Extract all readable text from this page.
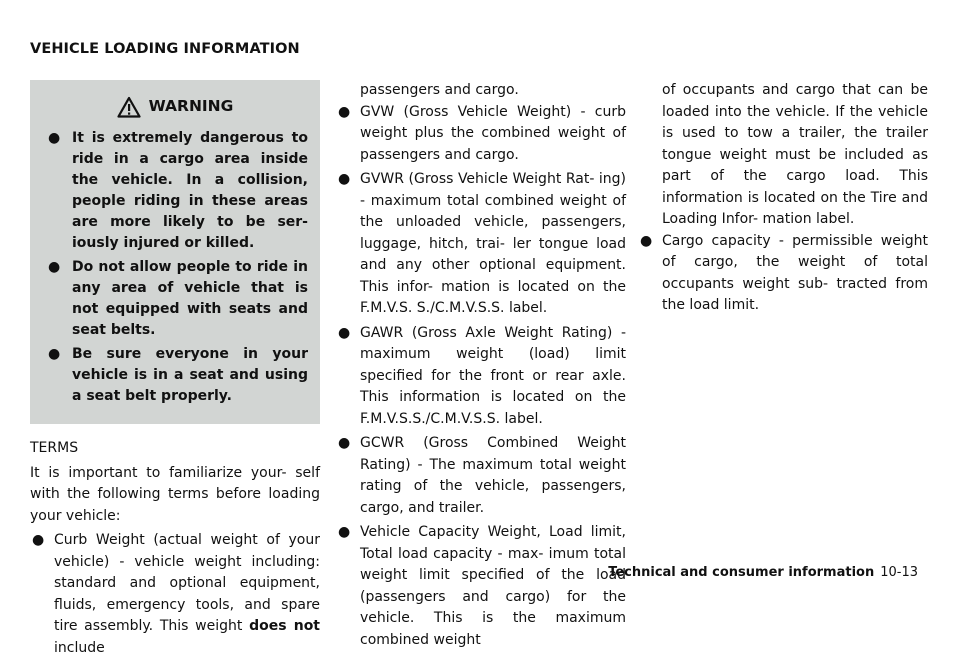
VEHICLE LOADING INFORMATION
WARNING
● It is extremely dangerous to ride in a cargo area inside the vehicle. In a collision, people riding in these areas are more likely to be ser- iously injured or killed.
● Do not allow people to ride in any area of vehicle that is not equipped with seats and seat belts.
● Be sure everyone in your vehicle is in a seat and using a seat belt properly.
TERMS
It is important to familiarize your- self with the following terms before loading your vehicle:
● Curb Weight (actual weight of your vehicle) - vehicle weight including: standard and optional equipment, fluids, emergency tools, and spare tire assembly. This weight does not include
passengers and cargo.
● GVW (Gross Vehicle Weight) - curb weight plus the combined weight of passengers and cargo.
● GVWR (Gross Vehicle Weight Rat- ing) - maximum total combined weight of the unloaded vehicle, passengers, luggage, hitch, trai- ler tongue load and any other optional equipment. This infor- mation is located on the F.M.V.S. S./C.M.V.S.S. label.
● GAWR (Gross Axle Weight Rating) - maximum weight (load) limit specified for the front or rear axle. This information is located on the F.M.V.S.S./C.M.V.S.S. label.
● GCWR (Gross Combined Weight Rating) - The maximum total weight rating of the vehicle, passengers, cargo, and trailer.
● Vehicle Capacity Weight, Load limit, Total load capacity - max- imum total weight limit specified of the load (passengers and cargo) for the vehicle. This is the maximum combined weight
of occupants and cargo that can be loaded into the vehicle. If the vehicle is used to tow a trailer, the trailer tongue weight must be included as part of the cargo load. This information is located on the Tire and Loading Infor- mation label.
● Cargo capacity - permissible weight of cargo, the weight of total occupants weight sub- tracted from the load limit.
Technical and consumer information 10-13
